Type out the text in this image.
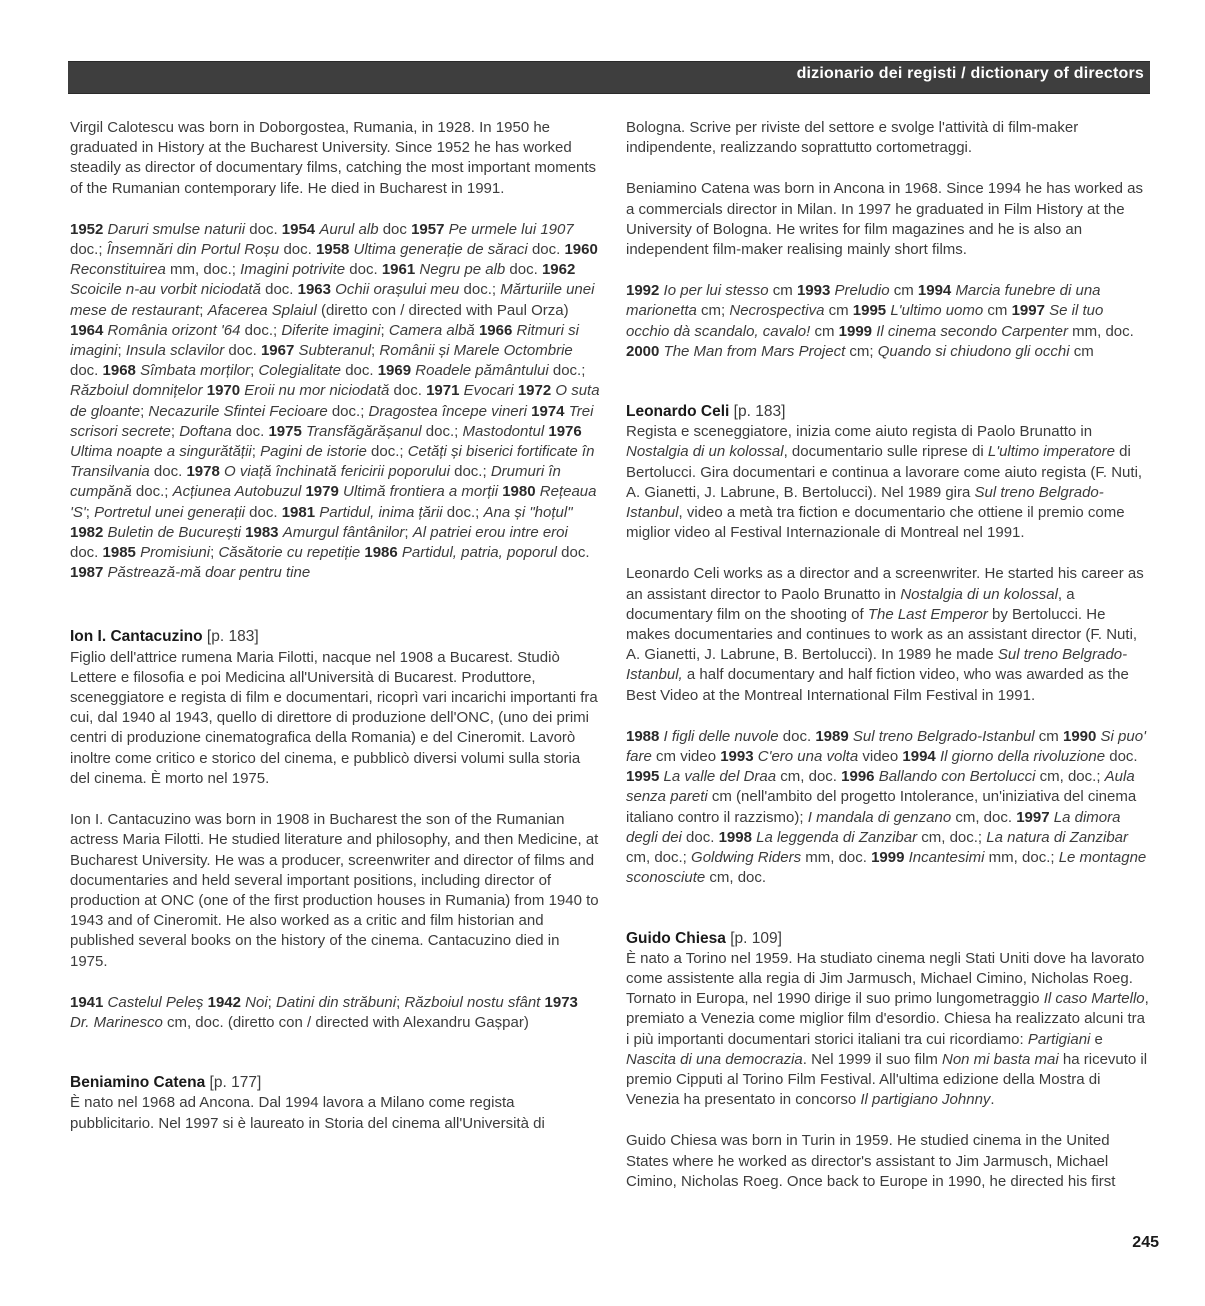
dizionario dei registi / dictionary of directors

Virgil Calotescu was born in Doborgostea, Rumania, in 1928. In 1950 he graduated in History at the Bucharest University. Since 1952 he has worked steadily as director of documentary films, catching the most important moments of the Rumanian contemporary life. He died in Bucharest in 1991.

1952 Daruri smulse naturii doc. 1954 Aurul alb doc 1957 Pe urmele lui 1907 doc.; Însemnări din Portul Roșu doc. 1958 Ultima generație de săraci doc. 1960 Reconstituirea mm, doc.; Imagini potrivite doc. 1961 Negru pe alb doc. 1962 Scoicile n-au vorbit niciodată doc. 1963 Ochii orașului meu doc.; Mărturiile unei mese de restaurant; Afacerea Splaiul (diretto con / directed with Paul Orza) 1964 România orizont '64 doc.; Diferite imagini; Camera albă 1966 Ritmuri si imagini; Insula sclavilor doc. 1967 Subteranul; Românii și Marele Octombrie doc. 1968 Sîmbata morților; Colegialitate doc. 1969 Roadele pământului doc.; Războiul domnițelor 1970 Eroii nu mor niciodată doc. 1971 Evocari 1972 O suta de gloante; Necazurile Sfintei Fecioare doc.; Dragostea începe vineri 1974 Trei scrisori secrete; Doftana doc. 1975 Transfăgărășanul doc.; Mastodontul 1976 Ultima noapte a singurătății; Pagini de istorie doc.; Cetăți și biserici fortificate în Transilvania doc. 1978 O viață închinată fericirii poporului doc.; Drumuri în cumpănă doc.; Acțiunea Autobuzul 1979 Ultimă frontiera a morții 1980 Rețeaua 'S'; Portretul unei generații doc. 1981 Partidul, inima țării doc.; Ana și "hoțul" 1982 Buletin de București 1983 Amurgul fântânilor; Al patriei erou intre eroi doc. 1985 Promisiuni; Căsătorie cu repetiție 1986 Partidul, patria, poporul doc. 1987 Păstrează-mă doar pentru tine

Ion I. Cantacuzino [p. 183]

Figlio dell'attrice rumena Maria Filotti, nacque nel 1908 a Bucarest. Studiò Lettere e filosofia e poi Medicina all'Università di Bucarest. Produttore, sceneggiatore e regista di film e documentari, ricoprì vari incarichi importanti fra cui, dal 1940 al 1943, quello di direttore di produzione dell'ONC, (uno dei primi centri di produzione cinematografica della Romania) e del Cineromit. Lavorò inoltre come critico e storico del cinema, e pubblicò diversi volumi sulla storia del cinema. È morto nel 1975.

Ion I. Cantacuzino was born in 1908 in Bucharest the son of the Rumanian actress Maria Filotti. He studied literature and philosophy, and then Medicine, at Bucharest University. He was a producer, screenwriter and director of films and documentaries and held several important positions, including director of production at ONC (one of the first production houses in Rumania) from 1940 to 1943 and of Cineromit. He also worked as a critic and film historian and published several books on the history of the cinema. Cantacuzino died in 1975.

1941 Castelul Peleș 1942 Noi; Datini din străbuni; Războiul nostu sfânt 1973 Dr. Marinesco cm, doc. (diretto con / directed with Alexandru Gașpar)

Beniamino Catena [p. 177]

È nato nel 1968 ad Ancona. Dal 1994 lavora a Milano come regista pubblicitario. Nel 1997 si è laureato in Storia del cinema all'Università di

Bologna. Scrive per riviste del settore e svolge l'attività di film-maker indipendente, realizzando soprattutto cortometraggi.

Beniamino Catena was born in Ancona in 1968. Since 1994 he has worked as a commercials director in Milan. In 1997 he graduated in Film History at the University of Bologna. He writes for film magazines and he is also an independent film-maker realising mainly short films.

1992 Io per lui stesso cm 1993 Preludio cm 1994 Marcia funebre di una marionetta cm; Necrospectiva cm 1995 L'ultimo uomo cm 1997 Se il tuo occhio dà scandalo, cavalo! cm 1999 Il cinema secondo Carpenter mm, doc. 2000 The Man from Mars Project cm; Quando si chiudono gli occhi cm

Leonardo Celi [p. 183]

Regista e sceneggiatore, inizia come aiuto regista di Paolo Brunatto in Nostalgia di un kolossal, documentario sulle riprese di L'ultimo imperatore di Bertolucci. Gira documentari e continua a lavorare come aiuto regista (F. Nuti, A. Gianetti, J. Labrune, B. Bertolucci). Nel 1989 gira Sul treno Belgrado-Istanbul, video a metà tra fiction e documentario che ottiene il premio come miglior video al Festival Internazionale di Montreal nel 1991.

Leonardo Celi works as a director and a screenwriter. He started his career as an assistant director to Paolo Brunatto in Nostalgia di un kolossal, a documentary film on the shooting of The Last Emperor by Bertolucci. He makes documentaries and continues to work as an assistant director (F. Nuti, A. Gianetti, J. Labrune, B. Bertolucci). In 1989 he made Sul treno Belgrado-Istanbul, a half documentary and half fiction video, who was awarded as the Best Video at the Montreal International Film Festival in 1991.

1988 I figli delle nuvole doc. 1989 Sul treno Belgrado-Istanbul cm 1990 Si puo' fare cm video 1993 C'ero una volta video 1994 Il giorno della rivoluzione doc. 1995 La valle del Draa cm, doc. 1996 Ballando con Bertolucci cm, doc.; Aula senza pareti cm (nell'ambito del progetto Intolerance, un'iniziativa del cinema italiano contro il razzismo); I mandala di genzano cm, doc. 1997 La dimora degli dei doc. 1998 La leggenda di Zanzibar cm, doc.; La natura di Zanzibar cm, doc.; Goldwing Riders mm, doc. 1999 Incantesimi mm, doc.; Le montagne sconosciute cm, doc.

Guido Chiesa [p. 109]

È nato a Torino nel 1959. Ha studiato cinema negli Stati Uniti dove ha lavorato come assistente alla regia di Jim Jarmusch, Michael Cimino, Nicholas Roeg. Tornato in Europa, nel 1990 dirige il suo primo lungometraggio Il caso Martello, premiato a Venezia come miglior film d'esordio. Chiesa ha realizzato alcuni tra i più importanti documentari storici italiani tra cui ricordiamo: Partigiani e Nascita di una democrazia. Nel 1999 il suo film Non mi basta mai ha ricevuto il premio Cipputi al Torino Film Festival. All'ultima edizione della Mostra di Venezia ha presentato in concorso Il partigiano Johnny.

Guido Chiesa was born in Turin in 1959. He studied cinema in the United States where he worked as director's assistant to Jim Jarmusch, Michael Cimino, Nicholas Roeg. Once back to Europe in 1990, he directed his first

245
